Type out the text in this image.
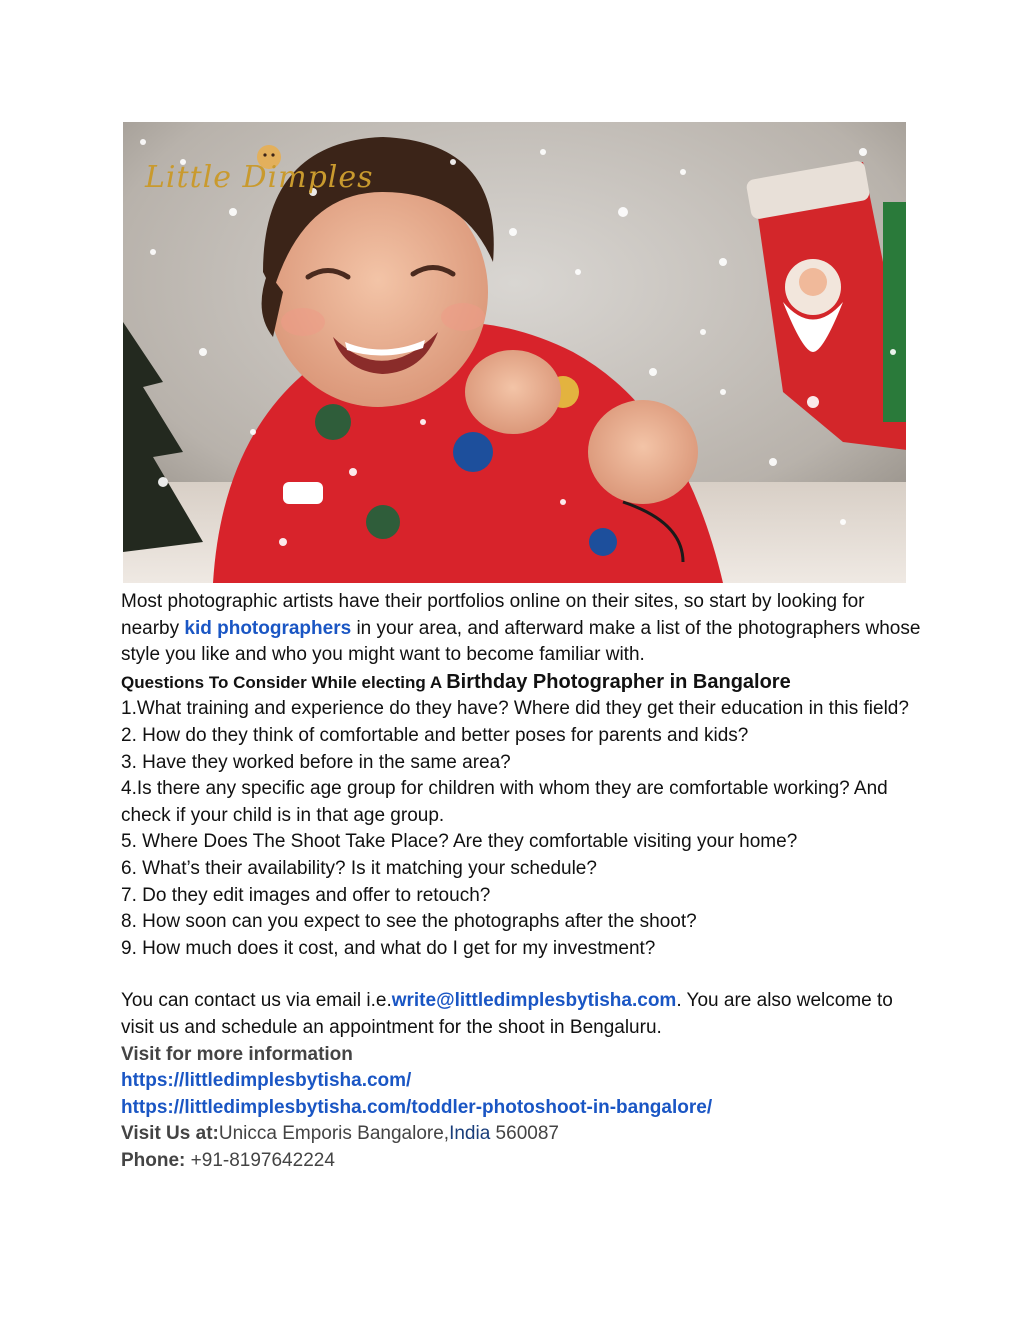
Little Dimples

Most photographic artists have their portfolios online on their sites, so start by looking for nearby kid photographers in your area, and afterward make a list of the photographers whose style you like and who you might want to become familiar with.

Questions To Consider While electing A Birthday Photographer in Bangalore

1.What training and experience do they have? Where did they get their education in this field?

2. How do they think of comfortable and better poses for parents and kids?

3. Have they worked before in the same area?

4.Is there any specific age group for children with whom they are comfortable working? And check if your child is in that age group.

5. Where Does The Shoot Take Place? Are they comfortable visiting your home?

6. What’s their availability? Is it matching your schedule?

7. Do they edit images and offer to retouch?

8. How soon can you expect to see the photographs after the shoot?

9. How much does it cost, and what do I get for my investment?

You can contact us via email i.e.write@littledimplesbytisha.com. You are also welcome to visit us and schedule an appointment for the shoot in Bengaluru.

Visit for more information

https://littledimplesbytisha.com/

https://littledimplesbytisha.com/toddler-photoshoot-in-bangalore/

Visit Us at:Unicca Emporis Bangalore,India 560087

Phone: +91-8197642224
